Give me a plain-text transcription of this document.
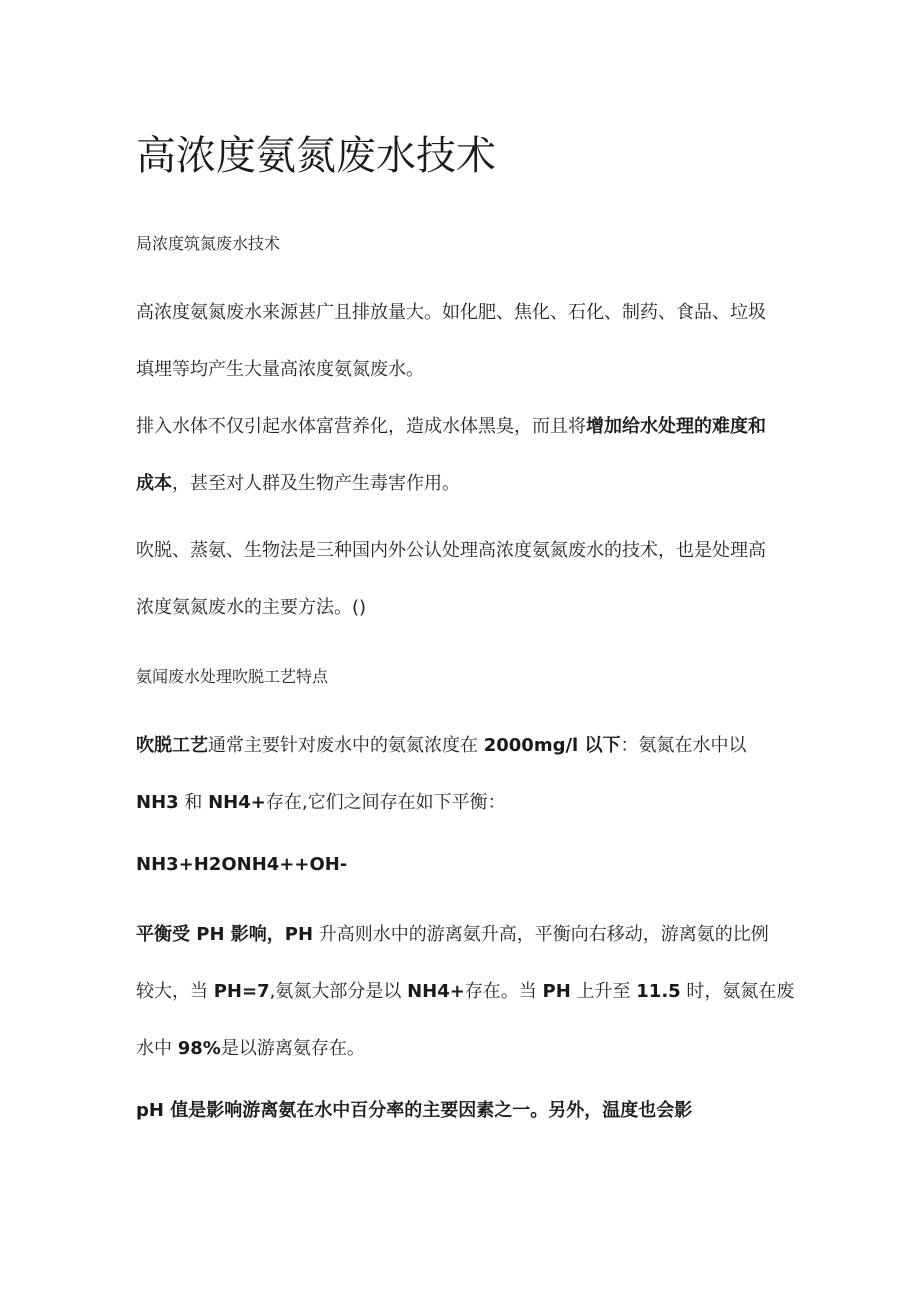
高浓度氨氮废水技术
局浓度筑氮废水技术
高浓度氨氮废水来源甚广且排放量大。如化肥、焦化、石化、制药、食品、垃圾
填埋等均产生大量高浓度氨氮废水。
排入水体不仅引起水体富营养化，造成水体黑臭，而且将增加给水处理的难度和
成本，甚至对人群及生物产生毒害作用。
吹脱、蒸氨、生物法是三种国内外公认处理高浓度氨氮废水的技术，也是处理高
浓度氨氮废水的主要方法。()
氨闻废水处理吹脱工艺特点
吹脱工艺通常主要针对废水中的氨氮浓度在 2000mg/l 以下：氨氮在水中以
NH3 和 NH4+存在,它们之间存在如下平衡：
NH3+H2ONH4++OH-
平衡受 PH 影响，PH 升高则水中的游离氨升高，平衡向右移动，游离氨的比例
较大，当 PH=7,氨氮大部分是以 NH4+存在。当 PH 上升至 11.5 时，氨氮在废
水中 98%是以游离氨存在。
pH 值是影响游离氨在水中百分率的主要因素之一。另外，温度也会影
